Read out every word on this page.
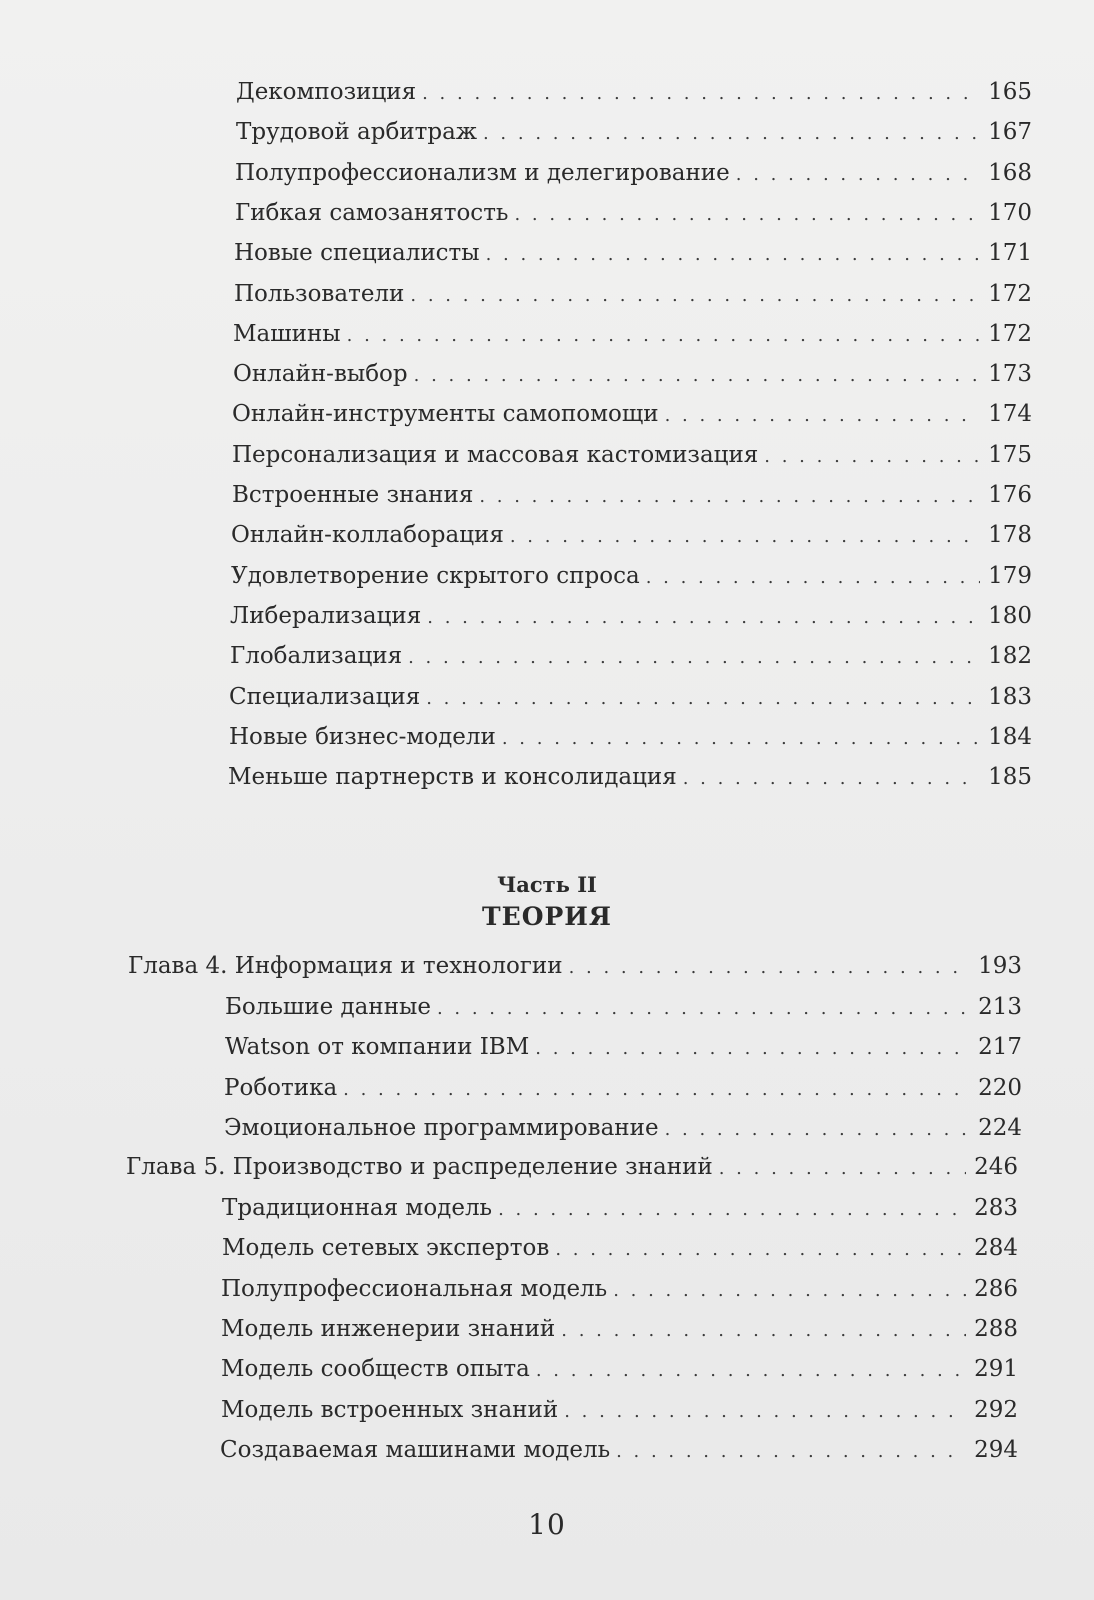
Декомпозиция . . .	165
Трудовой арбитраж . . .	167
Полупрофессионализм и делегирование . . .	168
Гибкая самозанятость . . .	170
Новые специалисты . . .	171
Пользователи . . .	172
Машины . . .	172
Онлайн-выбор . . .	173
Онлайн-инструменты самопомощи . . .	174
Персонализация и массовая кастомизация . . .	175
Встроенные знания . . .	176
Онлайн-коллаборация . . .	178
Удовлетворение скрытого спроса . . .	179
Либерализация . . .	180
Глобализация . . .	182
Специализация . . .	183
Новые бизнес-модели . . .	184
Меньше партнерств и консолидация . . .	185
Часть II
ТЕОРИЯ
Глава 4. Информация и технологии . . .	193
Большие данные . . .	213
Watson от компании IBM . . .	217
Роботика . . .	220
Эмоциональное программирование . . .	224
Глава 5. Производство и распределение знаний . . .	246
Традиционная модель . . .	283
Модель сетевых экспертов . . .	284
Полупрофессиональная модель . . .	286
Модель инженерии знаний . . .	288
Модель сообществ опыта . . .	291
Модель встроенных знаний . . .	292
Создаваемая машинами модель . . .	294
10
